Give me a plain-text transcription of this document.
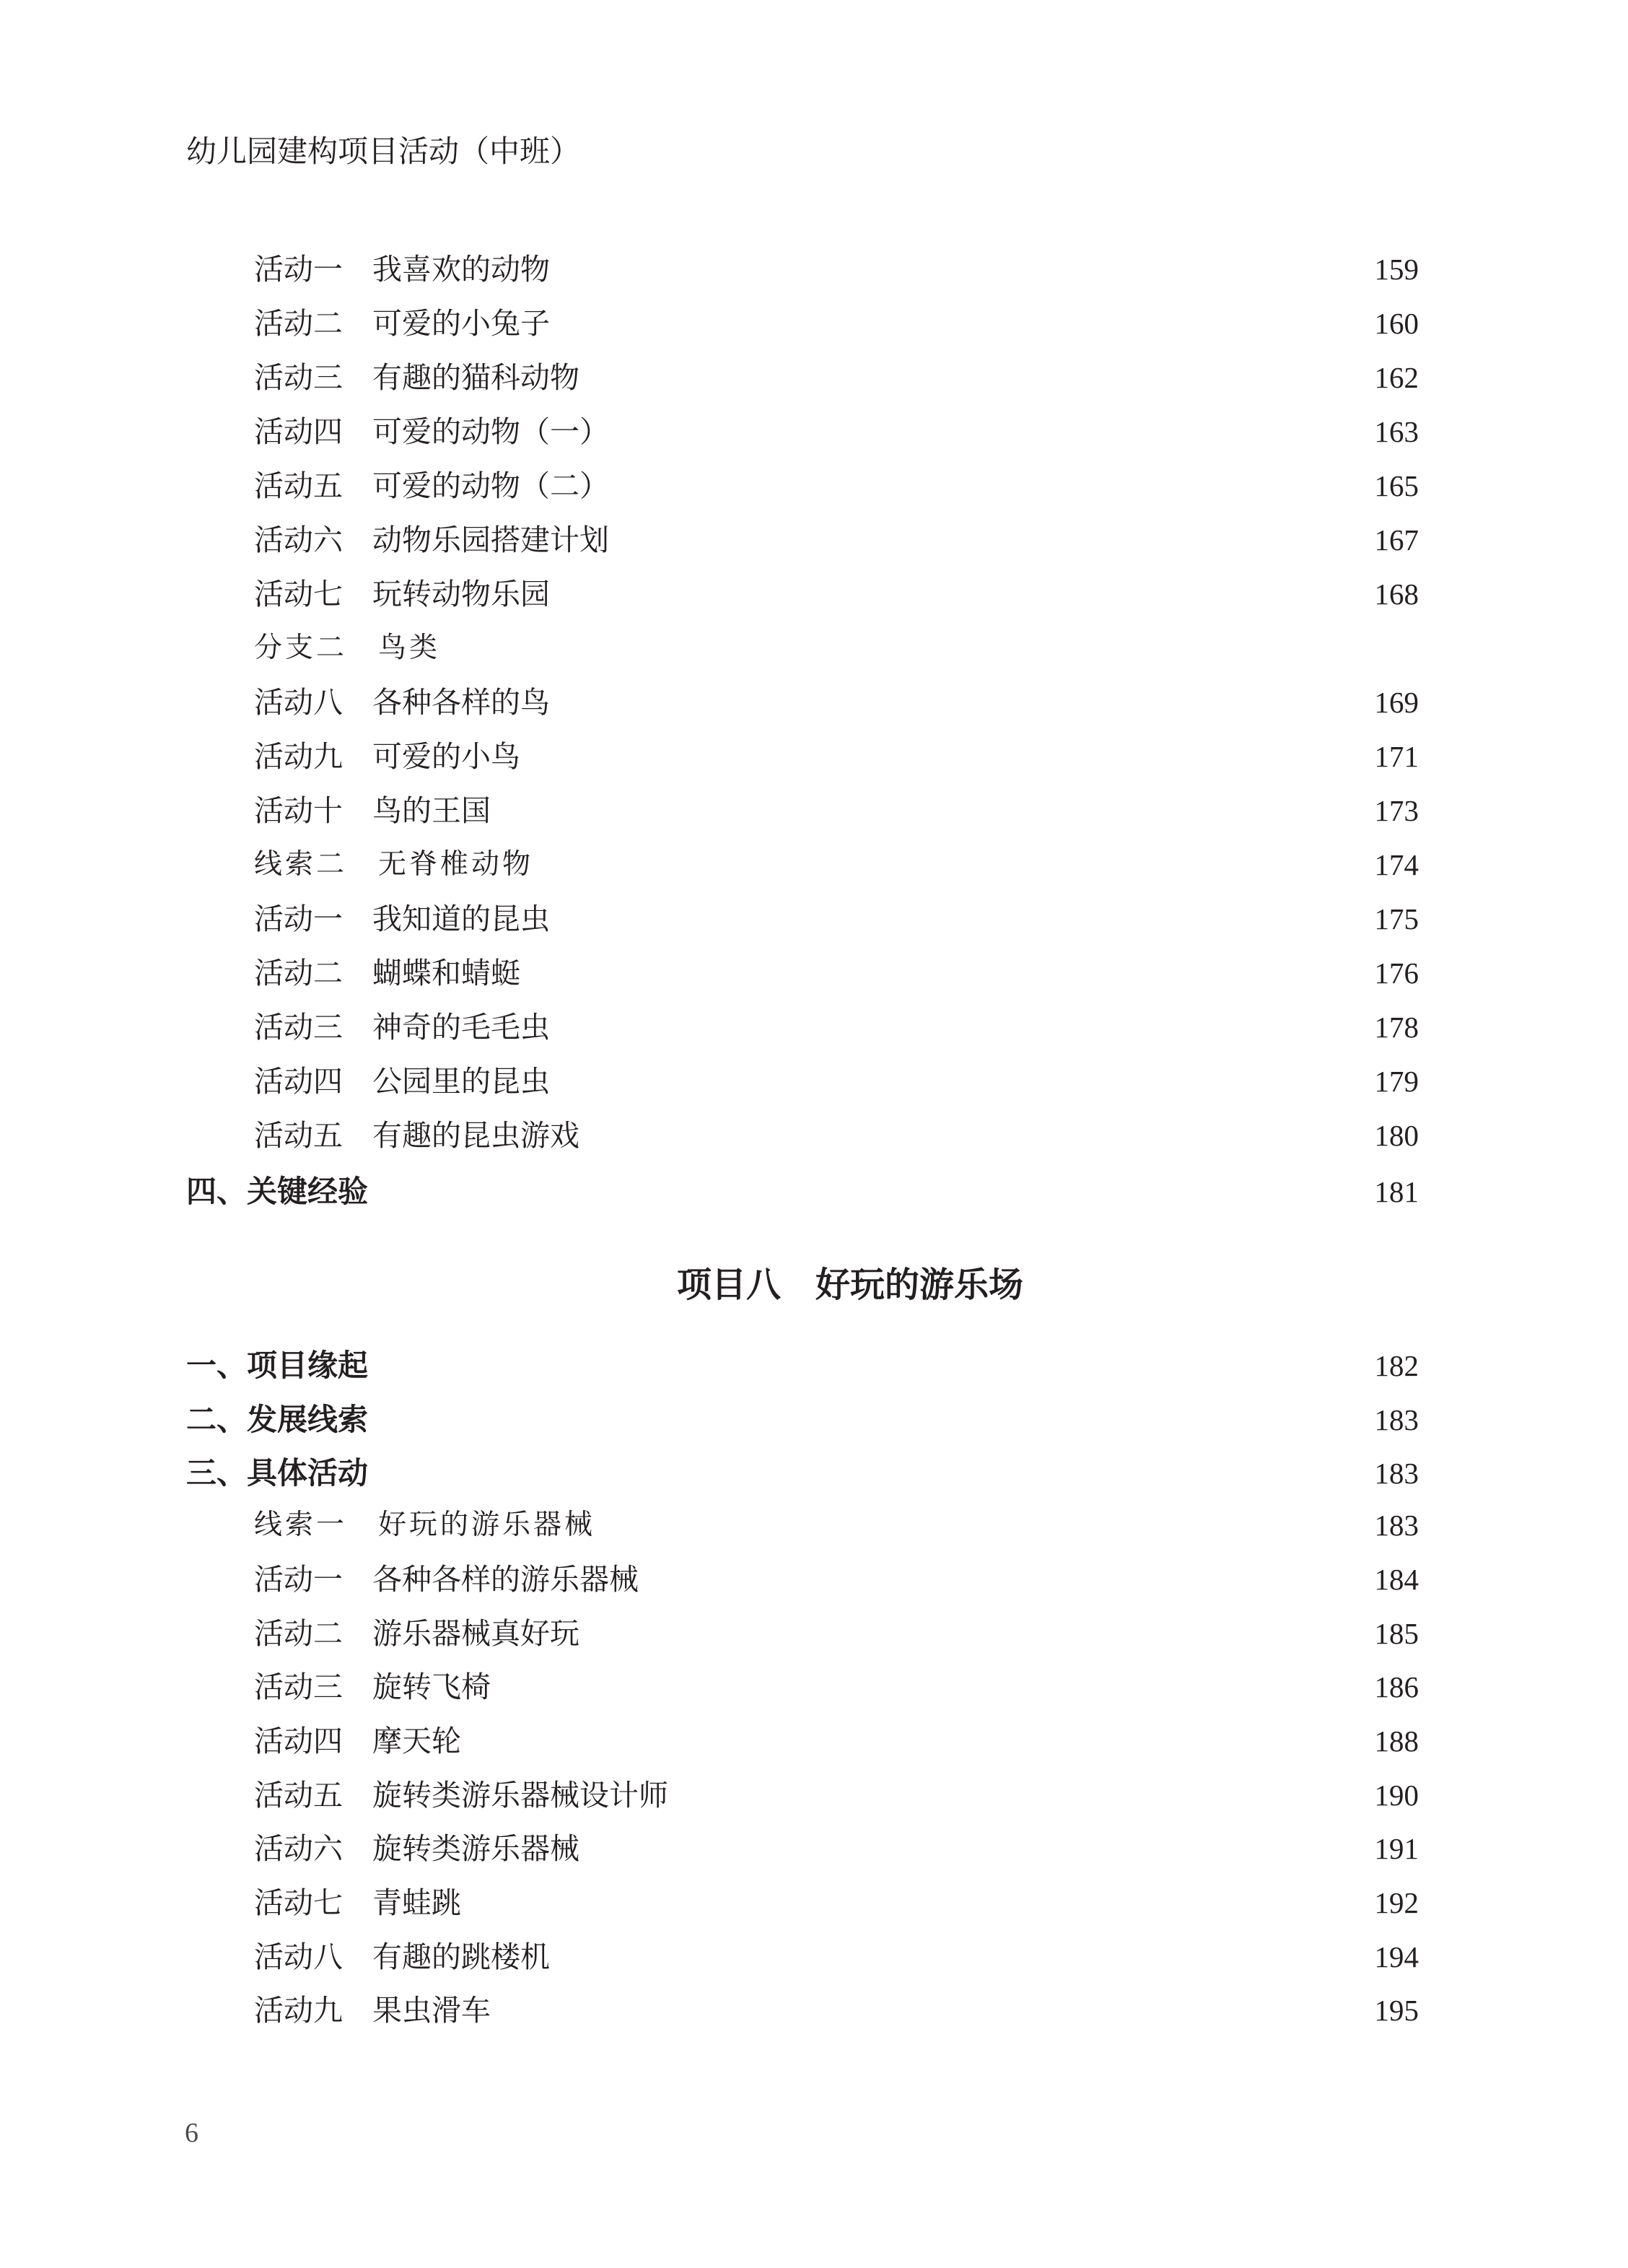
幼儿园建构项目活动（中班）
活动一　我喜欢的动物	159
活动二　可爱的小兔子	160
活动三　有趣的猫科动物	162
活动四　可爱的动物（一）	163
活动五　可爱的动物（二）	165
活动六　动物乐园搭建计划	167
活动七　玩转动物乐园	168
分支二　鸟类
活动八　各种各样的鸟	169
活动九　可爱的小鸟	171
活动十　鸟的王国	173
线索二　无脊椎动物	174
活动一　我知道的昆虫	175
活动二　蝴蝶和蜻蜓	176
活动三　神奇的毛毛虫	178
活动四　公园里的昆虫	179
活动五　有趣的昆虫游戏	180
四、关键经验	181
项目八　好玩的游乐场
一、项目缘起	182
二、发展线索	183
三、具体活动	183
线索一　好玩的游乐器械	183
活动一　各种各样的游乐器械	184
活动二　游乐器械真好玩	185
活动三　旋转飞椅	186
活动四　摩天轮	188
活动五　旋转类游乐器械设计师	190
活动六　旋转类游乐器械	191
活动七　青蛙跳	192
活动八　有趣的跳楼机	194
活动九　果虫滑车	195
6
